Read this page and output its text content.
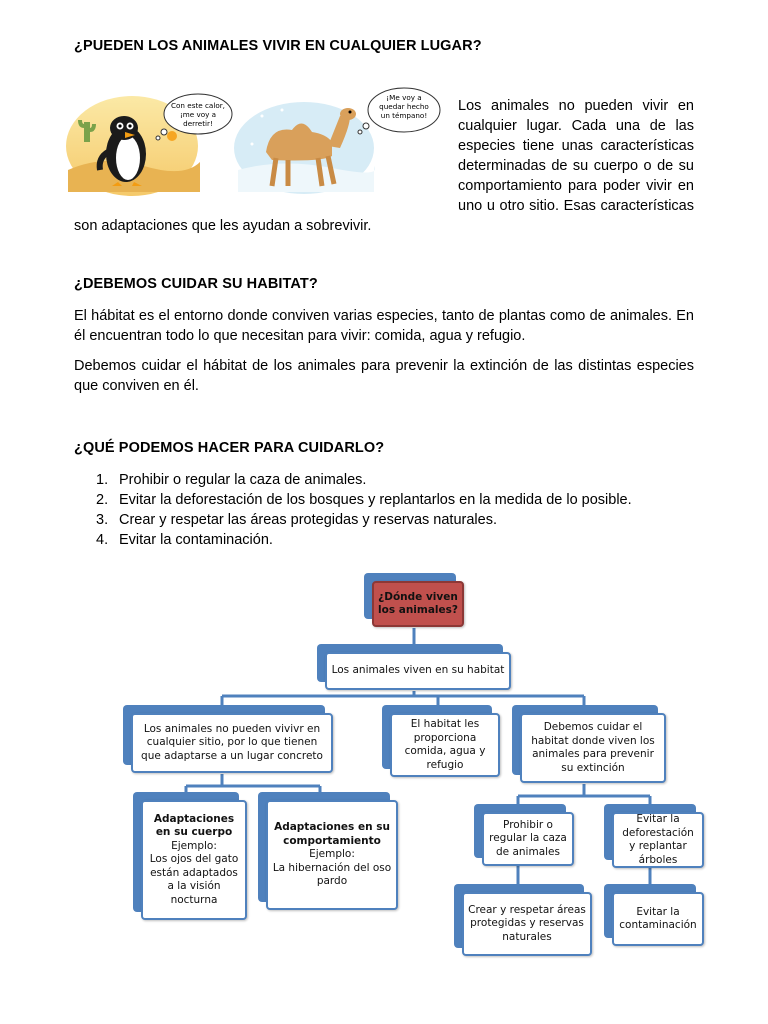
¿PUEDEN LOS ANIMALES VIVIR EN CUALQUIER LUGAR?
Con este calor, ¡me voy a derretir!
¡Me voy a quedar hecho un témpano!

Los animales no pueden vivir en cualquier lugar. Cada una de las especies tiene unas características determinadas de su cuerpo o de su comportamiento para poder vivir en uno u otro sitio. Esas características son adaptaciones que les ayudan a sobrevivir.

¿DEBEMOS CUIDAR SU HABITAT?

El hábitat es el entorno donde conviven varias especies, tanto de plantas como de animales. En él encuentran todo lo que necesitan para vivir: comida, agua y refugio.

Debemos cuidar el hábitat de los animales para prevenir la extinción de las distintas especies que conviven en él.

¿QUÉ PODEMOS HACER PARA CUIDARLO?
1. Prohibir o regular la caza de animales.
2. Evitar la deforestación de los bosques y replantarlos en la medida de lo posible.
3. Crear y respetar las áreas protegidas y reservas naturales.
4. Evitar la contaminación.
¿Dónde viven los animales?
Los animales viven en su habitat
Los animales no pueden vivivr en cualquier sitio, por lo que tienen que adaptarse a un lugar concreto
El habitat les proporciona comida, agua y refugio
Debemos cuidar el habitat donde viven los animales para prevenir su extinción
Adaptaciones en su cuerpo
Ejemplo:
Los ojos del gato están adaptados a la visión nocturna
Adaptaciones en su comportamiento
Ejemplo:
La hibernación del oso pardo
Prohibir o regular la caza de animales
Evitar la deforestación y replantar árboles
Crear y respetar áreas protegidas y reservas naturales
Evitar la contaminación
